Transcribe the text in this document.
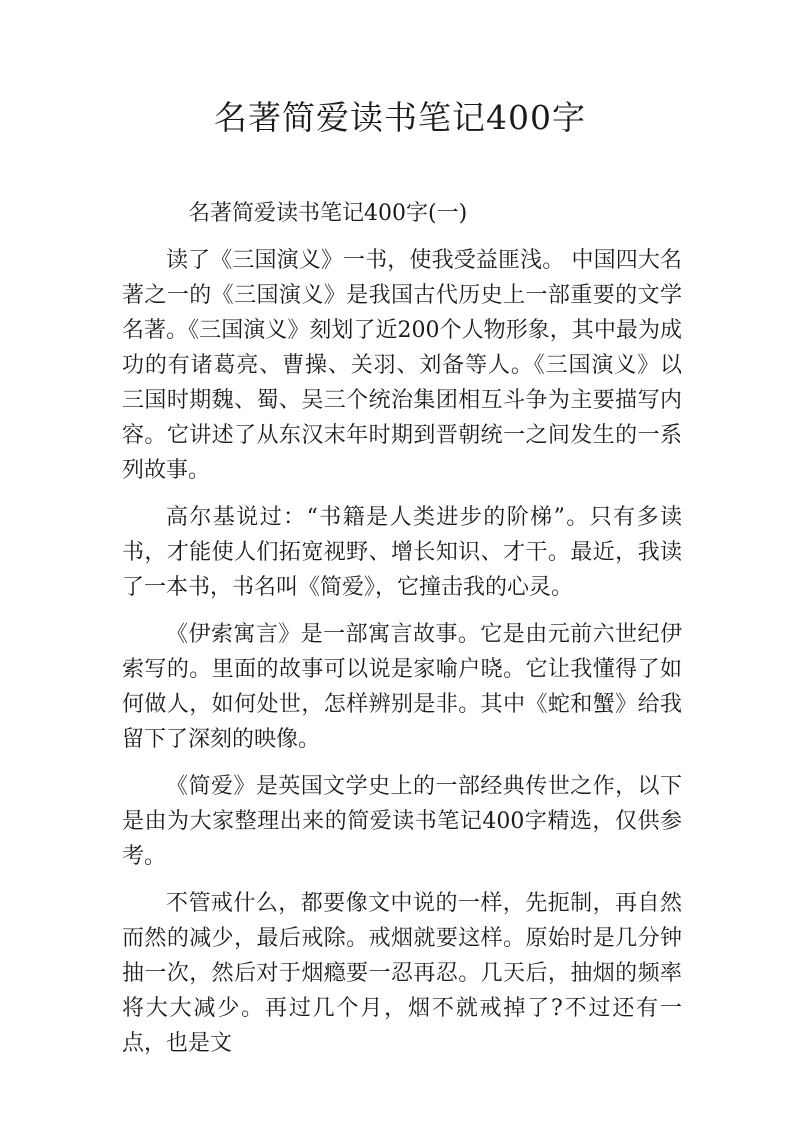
名著简爱读书笔记400字

名著简爱读书笔记400字(一)

读了《三国演义》一书，使我受益匪浅。 中国四大名著之一的《三国演义》是我国古代历史上一部重要的文学名著。《三国演义》刻划了近200个人物形象，其中最为成功的有诸葛亮、曹操、关羽、刘备等人。《三国演义》以三国时期魏、蜀、吴三个统治集团相互斗争为主要描写内容。它讲述了从东汉末年时期到晋朝统一之间发生的一系列故事。

高尔基说过：“书籍是人类进步的阶梯”。只有多读书，才能使人们拓宽视野、增长知识、才干。最近，我读了一本书，书名叫《简爱》，它撞击我的心灵。

《伊索寓言》是一部寓言故事。它是由元前六世纪伊索写的。里面的故事可以说是家喻户晓。它让我懂得了如何做人，如何处世，怎样辨别是非。其中《蛇和蟹》给我留下了深刻的映像。

《简爱》是英国文学史上的一部经典传世之作，以下是由为大家整理出来的简爱读书笔记400字精选，仅供参考。

不管戒什么，都要像文中说的一样，先扼制，再自然而然的减少，最后戒除。戒烟就要这样。原始时是几分钟抽一次，然后对于烟瘾要一忍再忍。几天后，抽烟的频率将大大减少。再过几个月，烟不就戒掉了?不过还有一点，也是文
